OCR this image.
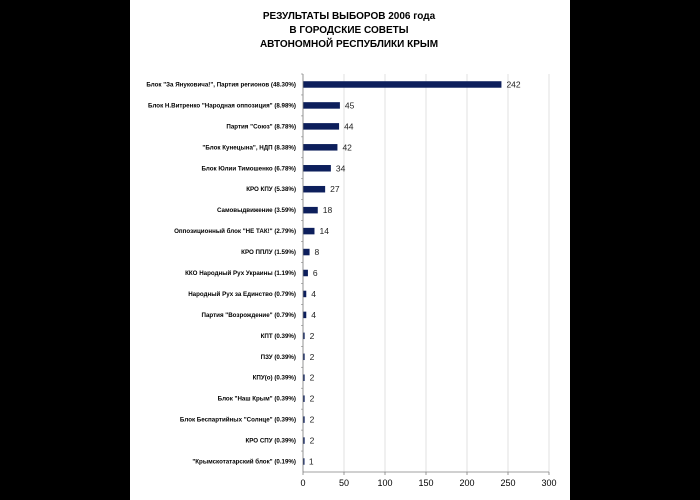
РЕЗУЛЬТАТЫ ВЫБОРОВ 2006 года
В ГОРОДСКИЕ СОВЕТЫ
АВТОНОМНОЙ РЕСПУБЛИКИ КРЫМ
Блок "За Януковича!", Партия регионов (48.30%)
Блок Н.Витренко "Народная оппозиция" (8.98%)
Партия "Союз" (8.78%)
"Блок Кунецына", НДП (8.38%)
Блок Юлии Тимошенко (6.78%)
КРО КПУ (5.38%)
Самовыдвижение (3.59%)
Оппозиционный блок "НЕ ТАК!" (2.79%)
КРО ППЛУ (1.59%)
ККО Народный Рух Украины (1.19%)
Народный Рух за Единство (0.79%)
Партия "Возрождение" (0.79%)
КПТ (0.39%)
ПЗУ (0.39%)
КПУ(о) (0.39%)
Блок "Наш Крым" (0.39%)
Блок Беспартийных "Солнце" (0.39%)
КРО СПУ (0.39%)
"Крымскотатарский блок" (0.19%)
242
45
44
42
34
27
18
14
8
6
4
4
2
2
2
2
2
2
1
0	50	100	150	200	250	300
